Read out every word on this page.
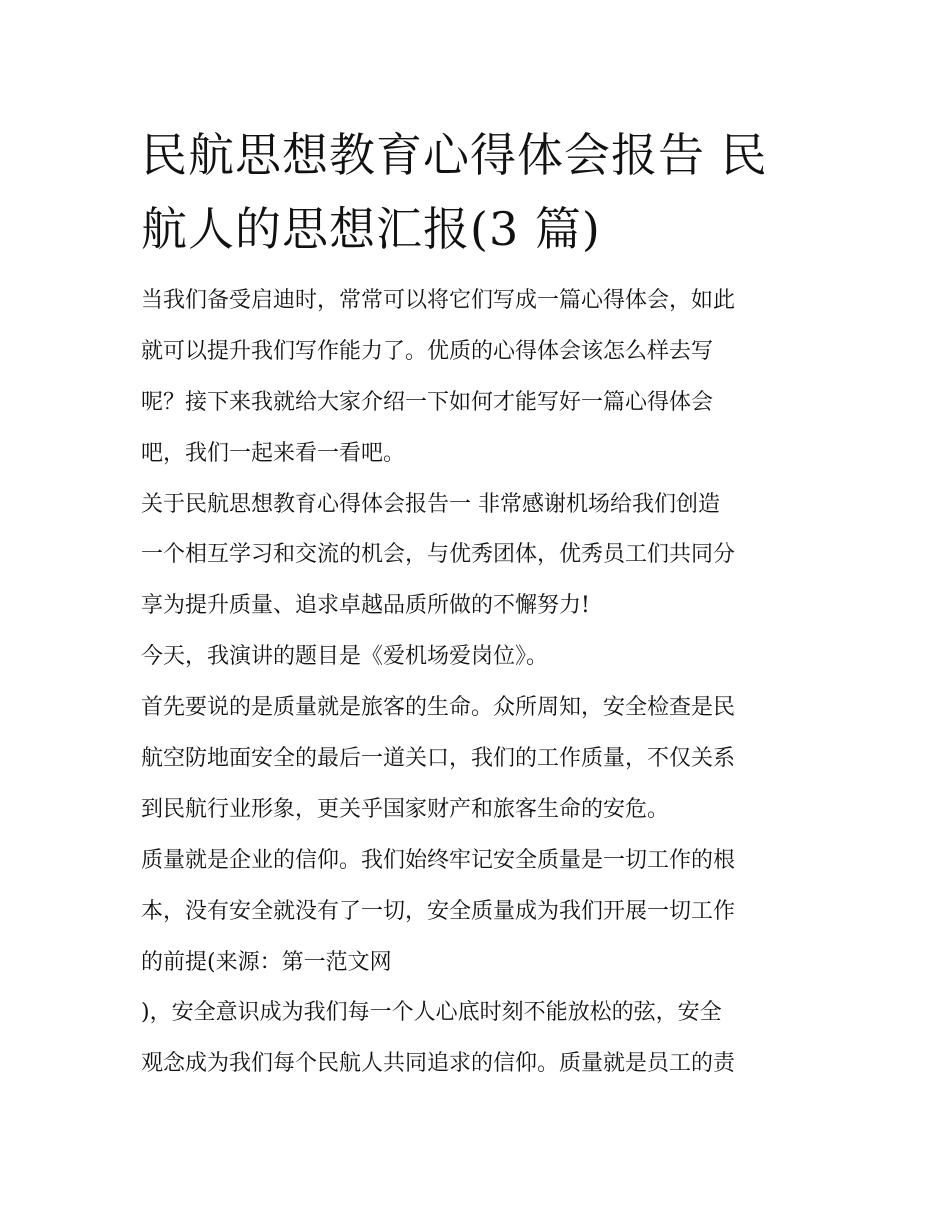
民航思想教育心得体会报告 民
航人的思想汇报(3 篇)

当我们备受启迪时，常常可以将它们写成一篇心得体会，如此
就可以提升我们写作能力了。优质的心得体会该怎么样去写
呢？接下来我就给大家介绍一下如何才能写好一篇心得体会
吧，我们一起来看一看吧。

关于民航思想教育心得体会报告一 非常感谢机场给我们创造
一个相互学习和交流的机会，与优秀团体，优秀员工们共同分
享为提升质量、追求卓越品质所做的不懈努力!

今天，我演讲的题目是《爱机场爱岗位》。

首先要说的是质量就是旅客的生命。众所周知，安全检查是民
航空防地面安全的最后一道关口，我们的工作质量，不仅关系
到民航行业形象，更关乎国家财产和旅客生命的安危。

质量就是企业的信仰。我们始终牢记安全质量是一切工作的根
本，没有安全就没有了一切，安全质量成为我们开展一切工作
的前提(来源：第一范文网
)，安全意识成为我们每一个人心底时刻不能放松的弦，安全
观念成为我们每个民航人共同追求的信仰。质量就是员工的责
